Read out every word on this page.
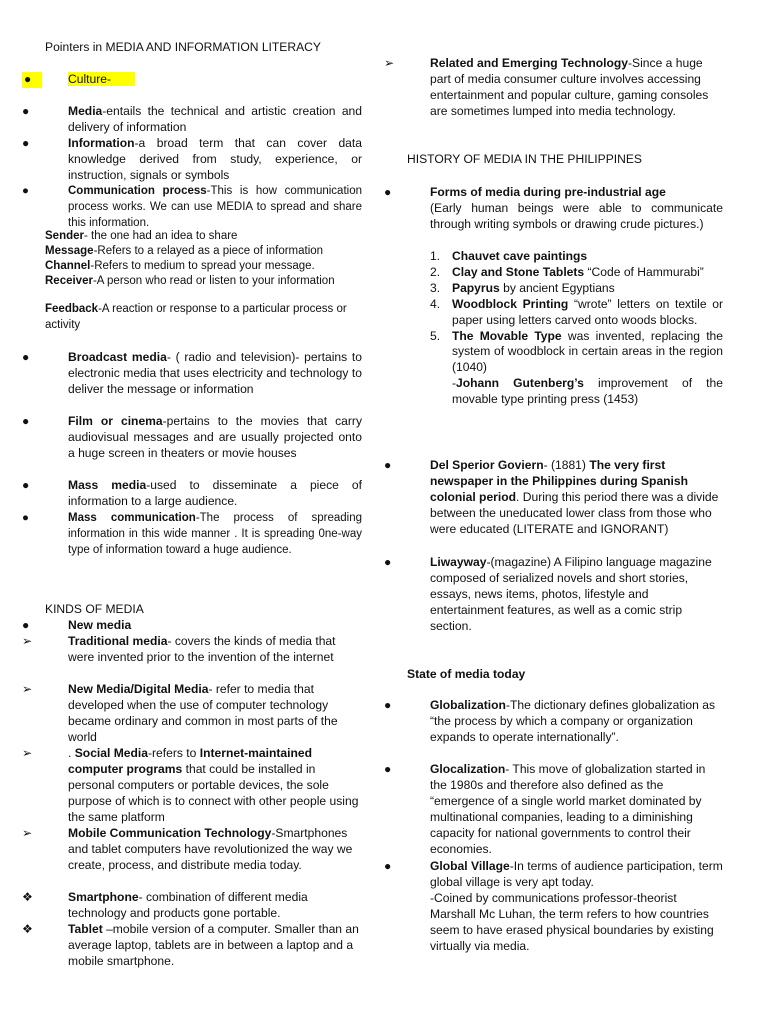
Pointers in MEDIA AND INFORMATION LITERACY
●	Culture-
●	Media-entails the technical and artistic creation and delivery of information
●	Information-a broad term that can cover data knowledge derived from study, experience, or instruction, signals or symbols
●	Communication process-This is how communication process works. We can use MEDIA to spread and share this information.
Sender- the one had an idea to share
Message-Refers to a relayed as a piece of information
Channel-Refers to medium to spread your message.
Receiver-A person who read or listen to your information
Feedback-A reaction or response to a particular process or activity
●	Broadcast media- ( radio and television)- pertains to electronic media that uses electricity and technology to deliver the message or information
●	Film or cinema-pertains to the movies that carry audiovisual messages and are usually projected onto a huge screen in theaters or movie houses
●	Mass media-used to disseminate a piece of information to a large audience.
●	Mass communication-The process of spreading information in this wide manner . It is spreading 0ne-way type of information toward a huge audience.
KINDS OF MEDIA
●	New media
➢	Traditional media- covers the kinds of media that were invented prior to the invention of the internet
➢	New Media/Digital Media- refer to media that developed when the use of computer technology became ordinary and common in most parts of the world
➢	. Social Media-refers to Internet-maintained computer programs that could be installed in personal computers or portable devices, the sole purpose of which is to connect with other people using the same platform
➢	Mobile Communication Technology-Smartphones and tablet computers have revolutionized the way we create, process, and distribute media today.
❖	Smartphone- combination of different media technology and products gone portable.
❖	Tablet –mobile version of a computer. Smaller than an average laptop, tablets are in between a laptop and a mobile smartphone.
➢	Related and Emerging Technology-Since a huge part of media consumer culture involves accessing entertainment and popular culture, gaming consoles are sometimes lumped into media technology.
HISTORY OF MEDIA IN THE PHILIPPINES
●	Forms of media during pre-industrial age
(Early human beings were able to communicate through writing symbols or drawing crude pictures.)
1. Chauvet cave paintings
2. Clay and Stone Tablets “Code of Hammurabi”
3. Papyrus by ancient Egyptians
4. Woodblock Printing “wrote” letters on textile or paper using letters carved onto woods blocks.
5. The Movable Type was invented, replacing the system of woodblock in certain areas in the region (1040)
-Johann Gutenberg’s improvement of the movable type printing press (1453)
●	Del Sperior Goviern- (1881) The very first newspaper in the Philippines during Spanish colonial period. During this period there was a divide between the uneducated lower class from those who were educated (LITERATE and IGNORANT)
●	Liwayway-(magazine) A Filipino language magazine composed of serialized novels and short stories, essays, news items, photos, lifestyle and entertainment features, as well as a comic strip section.
State of media today
●	Globalization-The dictionary defines globalization as “the process by which a company or organization expands to operate internationally”.
●	Glocalization- This move of globalization started in the 1980s and therefore also defined as the “emergence of a single world market dominated by multinational companies, leading to a diminishing capacity for national governments to control their economies.
●	Global Village-In terms of audience participation, term global village is very apt today.
-Coined by communications professor-theorist Marshall Mc Luhan, the term refers to how countries seem to have erased physical boundaries by existing virtually via media.
